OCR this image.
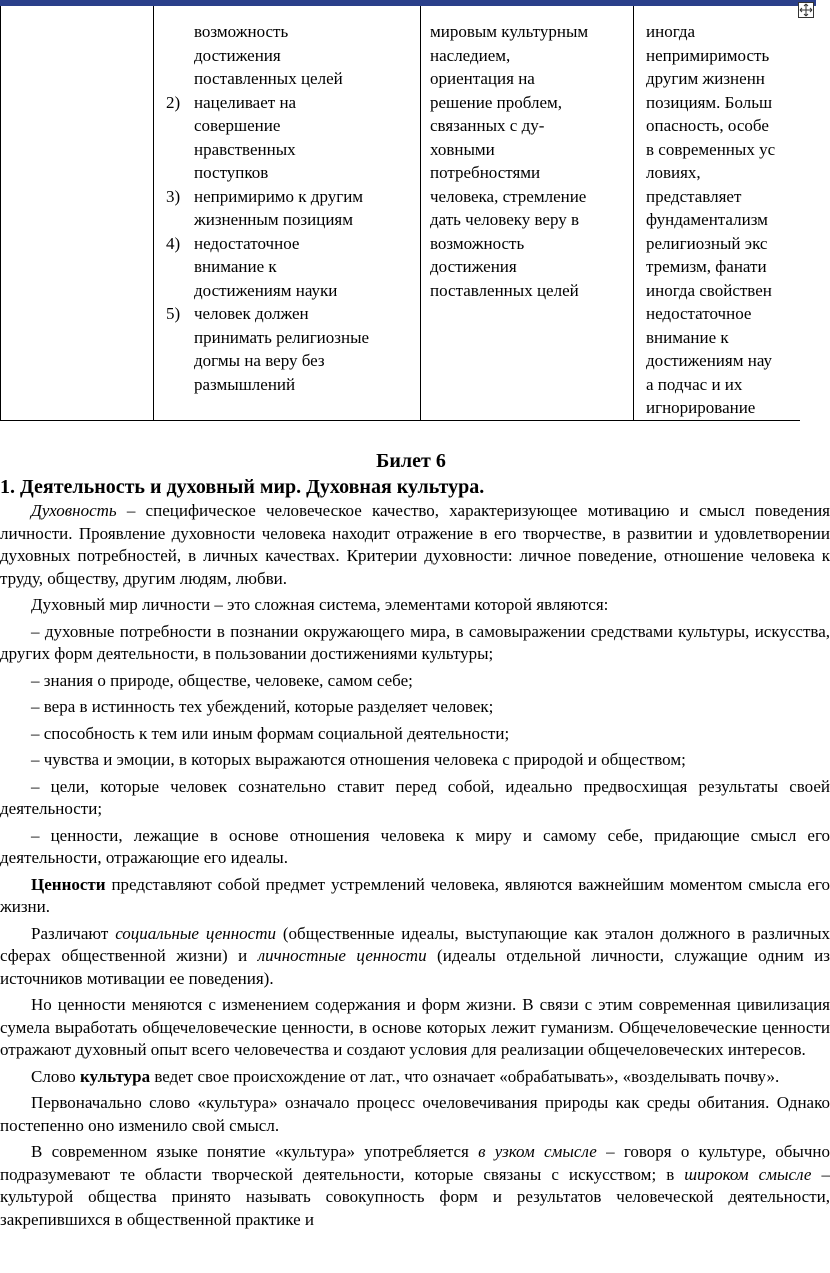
возможность
достижения
поставленных целей
2) нацеливает на
совершение
нравственных
поступков
3) непримиримо к другим
жизненным позициям
4) недостаточное
внимание к
достижениям науки
5) человек должен
принимать религиозные
догмы на веру без
размышлений
мировым культурным
наследием,
ориентация на
решение проблем,
связанных с ду-
ховными
потребностями
человека, стремление
дать человеку веру в
возможность
достижения
поставленных целей
иногда
непримиримость
другим жизненн
позициям. Больш
опасность, особе
в современных ус
ловиях,
представляет
фундаментализм
религиозный экс
тремизм, фанати
иногда свойствен
недостаточное
внимание к
достижениям нау
а подчас и их
игнорирование
Билет 6
1. Деятельность и духовный мир. Духовная культура.

Духовность – специфическое человеческое качество, характеризующее мотивацию и смысл поведения личности. Проявление духовности человека находит отражение в его творчестве, в развитии и удовлетворении духовных потребностей, в личных качествах. Критерии духовности: личное поведение, отношение человека к труду, обществу, другим людям, любви.

Духовный мир личности – это сложная система, элементами которой являются:

– духовные потребности в познании окружающего мира, в самовыражении средствами культуры, искусства, других форм деятельности, в пользовании достижениями культуры;

– знания о природе, обществе, человеке, самом себе;

– вера в истинность тех убеждений, которые разделяет человек;

– способность к тем или иным формам социальной деятельности;

– чувства и эмоции, в которых выражаются отношения человека с природой и обществом;

– цели, которые человек сознательно ставит перед собой, идеально предвосхищая результаты своей деятельности;

– ценности, лежащие в основе отношения человека к миру и самому себе, придающие смысл его деятельности, отражающие его идеалы.

Ценности представляют собой предмет устремлений человека, являются важнейшим моментом смысла его жизни.

Различают социальные ценности (общественные идеалы, выступающие как эталон должного в различных сферах общественной жизни) и личностные ценности (идеалы отдельной личности, служащие одним из источников мотивации ее поведения).

Но ценности меняются с изменением содержания и форм жизни. В связи с этим современная цивилизация сумела выработать общечеловеческие ценности, в основе которых лежит гуманизм. Общечеловеческие ценности отражают духовный опыт всего человечества и создают условия для реализации общечеловеческих интересов.

Слово культура ведет свое происхождение от лат., что означает «обрабатывать», «возделывать почву».

Первоначально слово «культура» означало процесс очеловечивания природы как среды обитания. Однако постепенно оно изменило свой смысл.

В современном языке понятие «культура» употребляется в узком смысле – говоря о культуре, обычно подразумевают те области творческой деятельности, которые связаны с искусством; в широком смысле – культурой общества принято называть совокупность форм и результатов человеческой деятельности, закрепившихся в общественной практике и
